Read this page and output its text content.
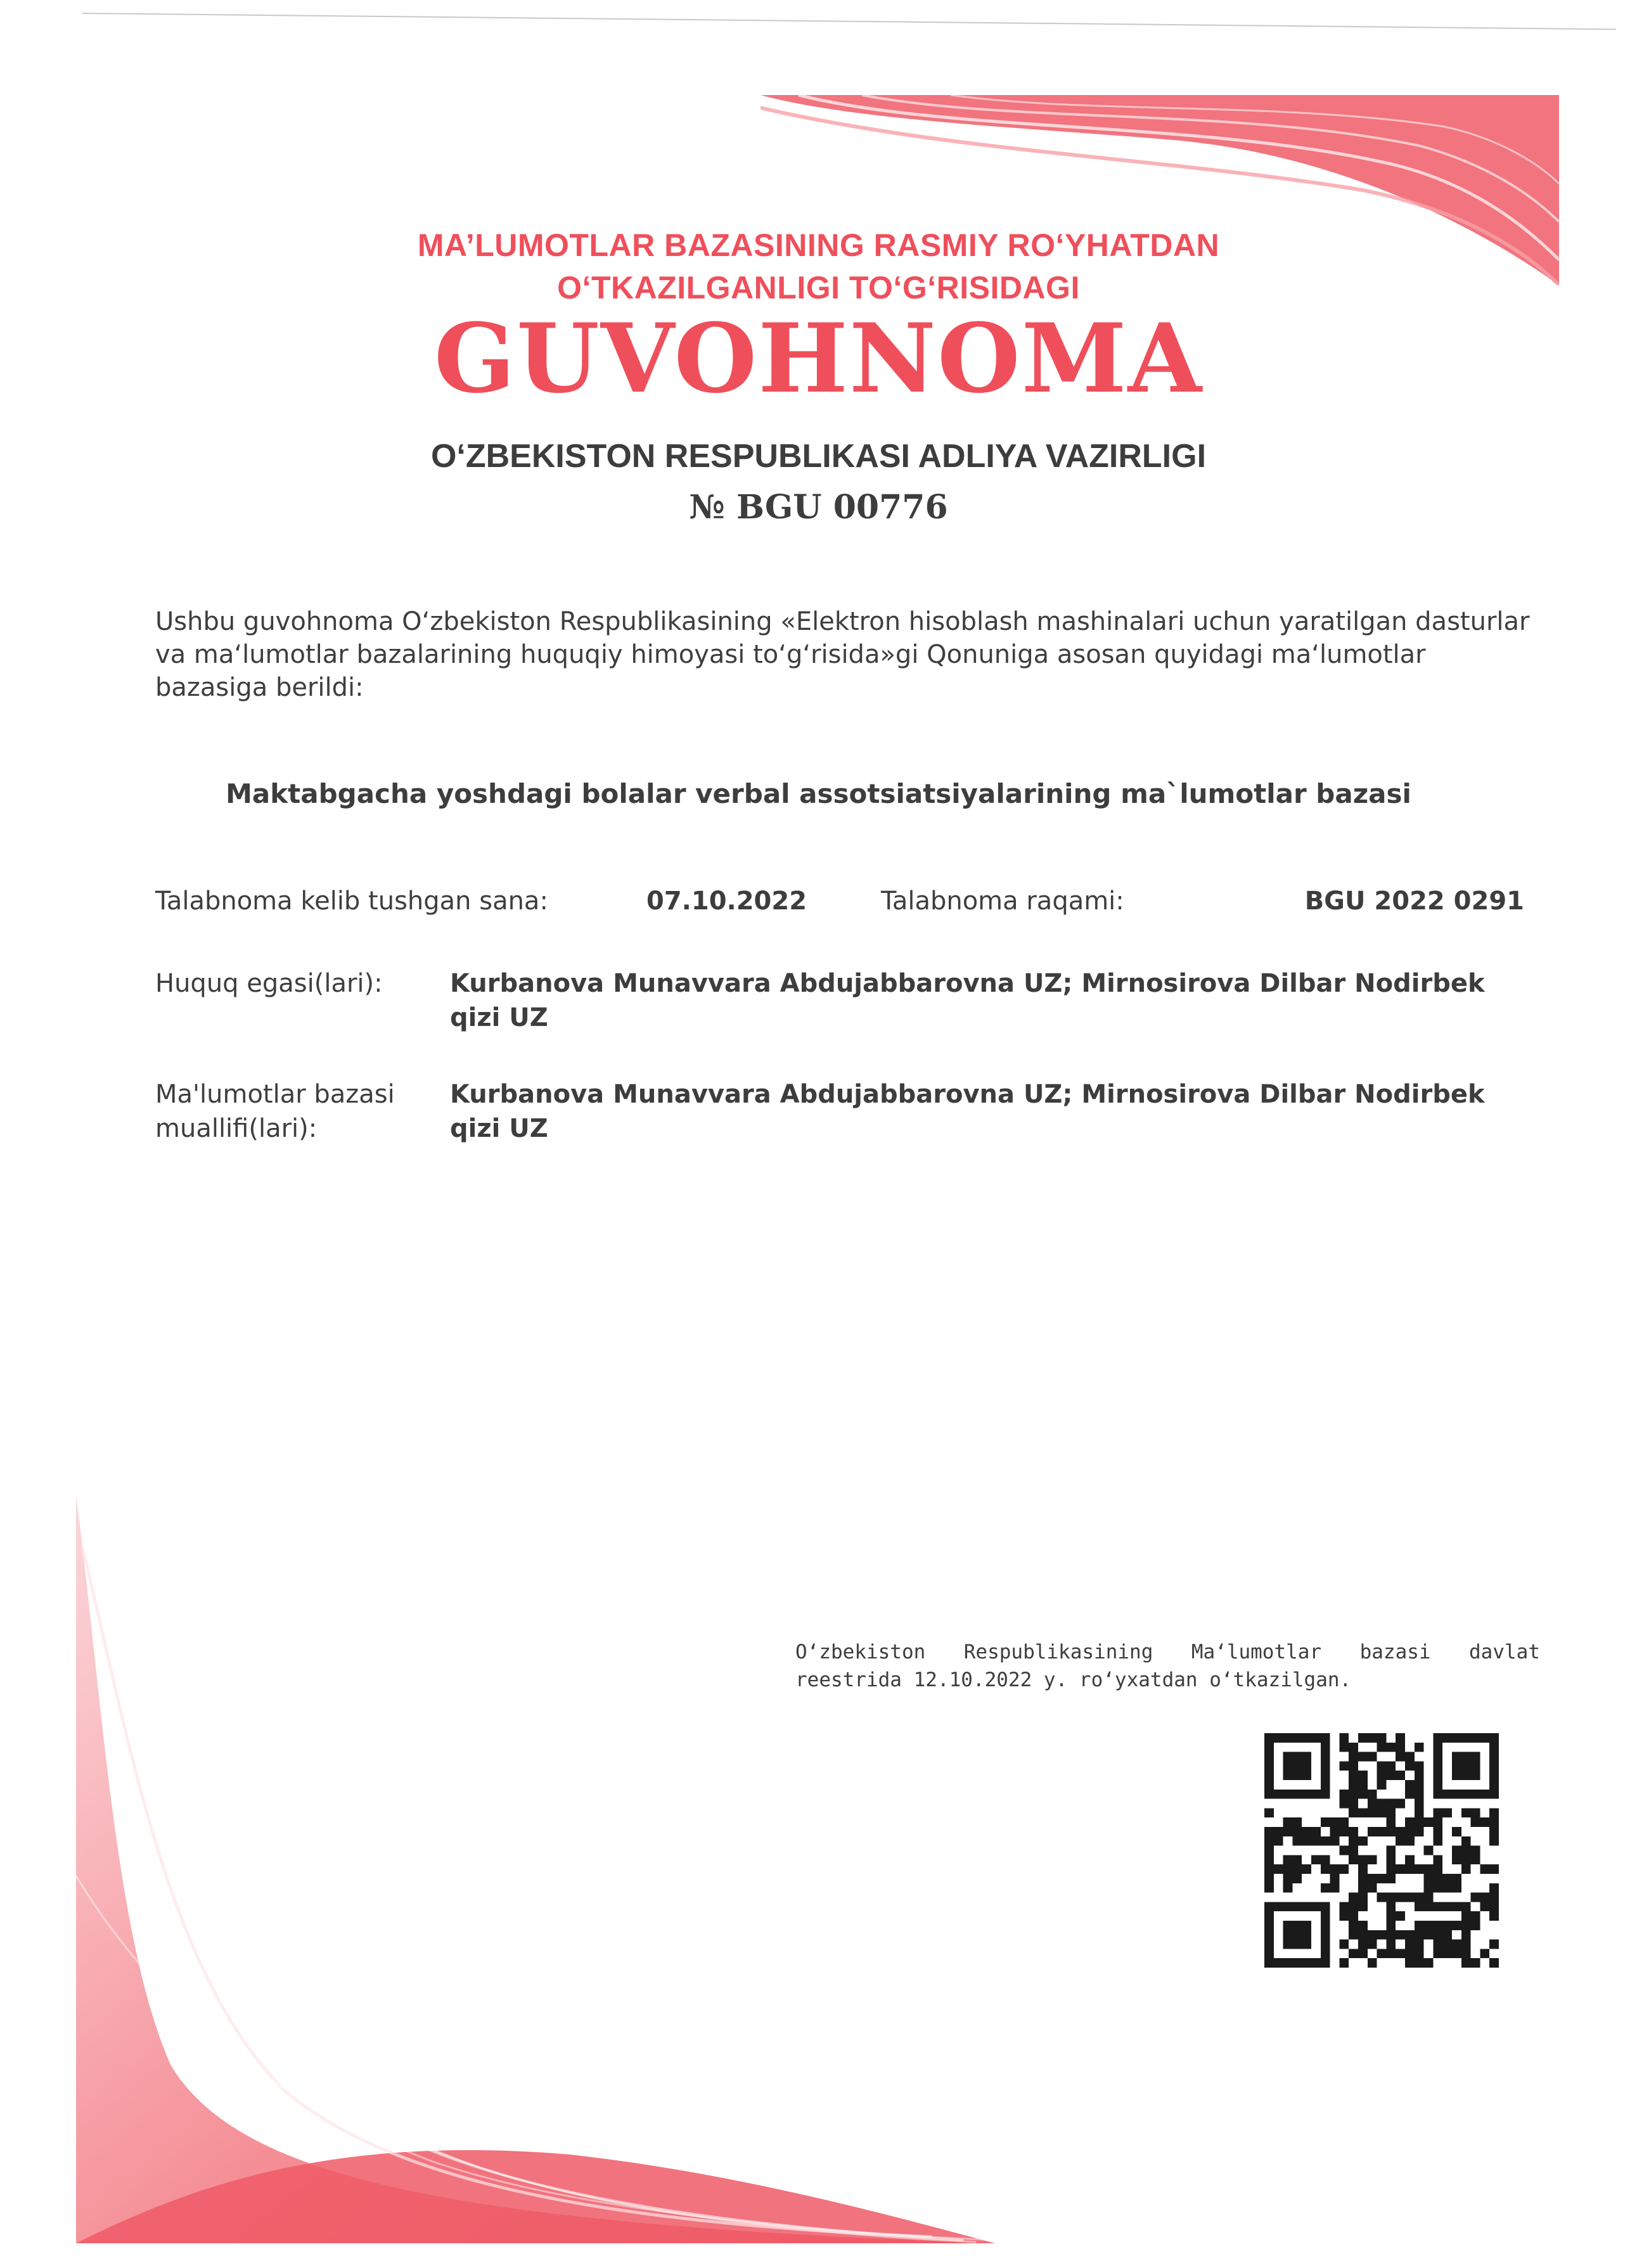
MA’LUMOTLAR BAZASINING RASMIY RO‘YHATDAN
O‘TKAZILGANLIGI TO‘G‘RISIDAGI
GUVOHNOMA
O‘ZBEKISTON RESPUBLIKASI ADLIYA VAZIRLIGI
№ BGU 00776
Ushbu guvohnoma O‘zbekiston Respublikasining «Elektron hisoblash mashinalari uchun yaratilgan dasturlar va ma‘lumotlar bazalarining huquqiy himoyasi to‘g‘risida»gi Qonuniga asosan quyidagi ma‘lumotlar bazasiga berildi:
Maktabgacha yoshdagi bolalar verbal assotsiatsiyalarining ma`lumotlar bazasi
Talabnoma kelib tushgan sana:	07.10.2022	Talabnoma raqami:	BGU 2022 0291
Huquq egasi(lari):	Kurbanova Munavvara Abdujabbarovna UZ; Mirnosirova Dilbar Nodirbek qizi UZ
Ma'lumotlar bazasi muallifi(lari):
Kurbanova Munavvara Abdujabbarovna UZ; Mirnosirova Dilbar Nodirbek qizi UZ
O‘zbekiston Respublikasining Ma‘lumotlar bazasi davlat reestrida 12.10.2022 y. ro‘yxatdan o‘tkazilgan.
